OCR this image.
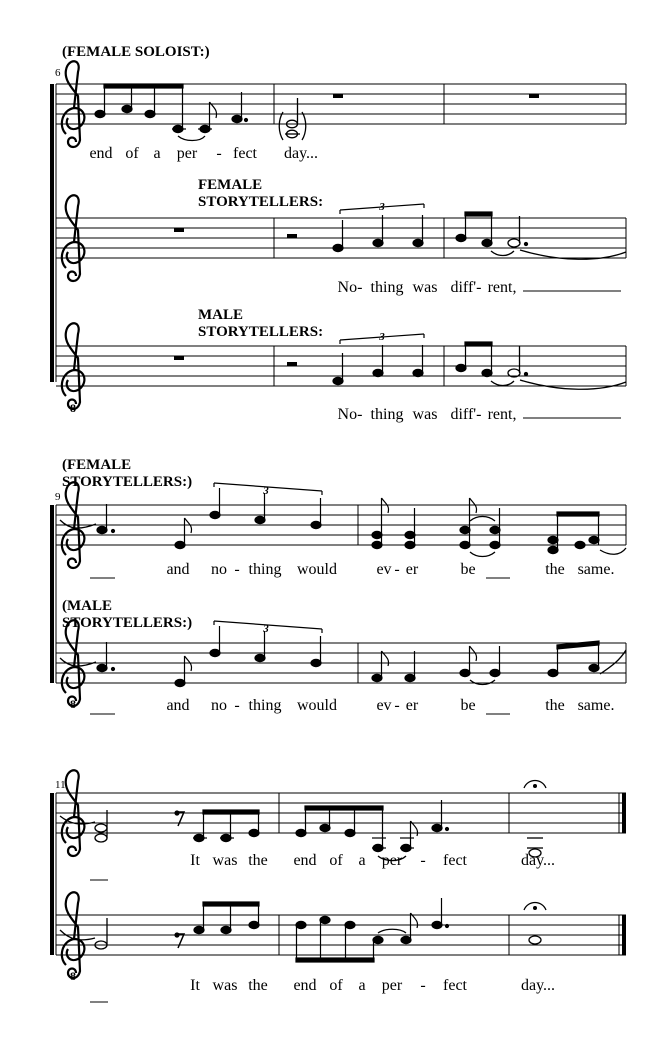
3
3
8
3
3
8
8
(FEMALE SOLOIST:)
6
end of a per - fect day...
FEMALE
STORYTELLERS:
No- thing was diff'- rent,
MALE
STORYTELLERS:
No- thing was diff'- rent,
(FEMALE
STORYTELLERS:)
9
and no - thing would ev - er	be	the same.
(MALE
STORYTELLERS:)
and no - thing would ev - er	be	the same.
11
It was the end of a per - fect	day...
It was the end of a per - fect	day...
